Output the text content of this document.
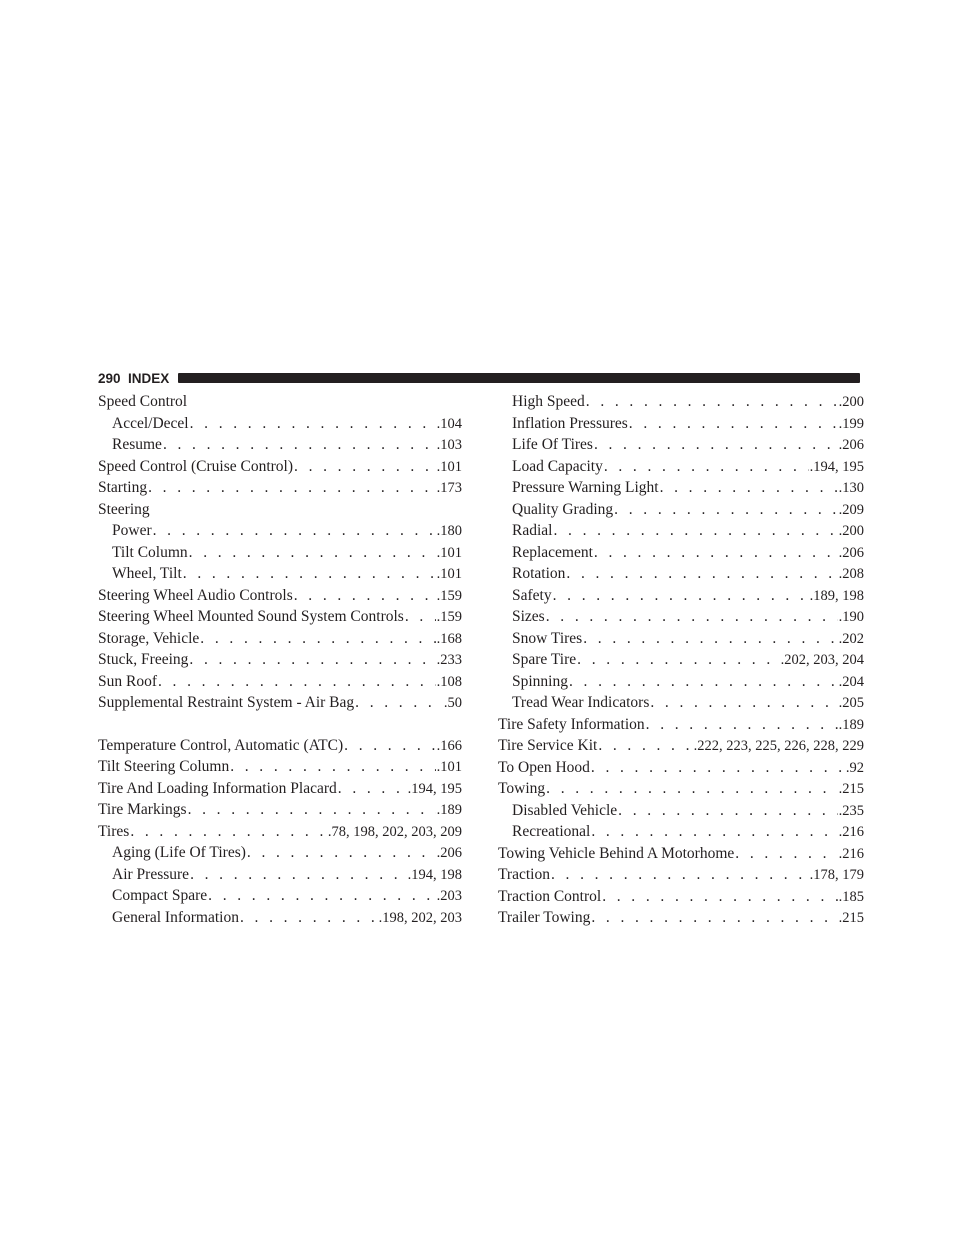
290 INDEX
Speed Control
Accel/Decel . . .	.104
Resume . . .	.103
Speed Control (Cruise Control) . . .	.101
Starting . . .	.173
Steering
Power . . .	.180
Tilt Column . . .	.101
Wheel, Tilt . . .	.101
Steering Wheel Audio Controls . . .	.159
Steering Wheel Mounted Sound System Controls . . . .159
Storage, Vehicle . . .	.168
Stuck, Freeing . . .	.233
Sun Roof . . .	.108
Supplemental Restraint System - Air Bag . . .	.50
Temperature Control, Automatic (ATC) . . .	.166
Tilt Steering Column . . .	.101
Tire And Loading Information Placard . . .	.194, 195
Tire Markings . . .	.189
Tires . . .	.78, 198, 202, 203, 209
Aging (Life Of Tires) . . .	.206
Air Pressure . . .	.194, 198
Compact Spare . . .	.203
General Information . . .	.198, 202, 203
High Speed . . .	.200
Inflation Pressures . . .	.199
Life Of Tires . . .	.206
Load Capacity . . .	.194, 195
Pressure Warning Light . . .	.130
Quality Grading . . .	.209
Radial . . .	.200
Replacement . . .	.206
Rotation . . .	.208
Safety . . .	.189, 198
Sizes . . .	.190
Snow Tires . . .	.202
Spare Tire . . .	.202, 203, 204
Spinning . . .	.204
Tread Wear Indicators . . .	.205
Tire Safety Information . . .	.189
Tire Service Kit . . .	.222, 223, 225, 226, 228, 229
To Open Hood . . .	.92
Towing . . .	.215
Disabled Vehicle . . .	.235
Recreational . . .	.216
Towing Vehicle Behind A Motorhome . . .	.216
Traction . . .	.178, 179
Traction Control . . .	.185
Trailer Towing . . .	.215
